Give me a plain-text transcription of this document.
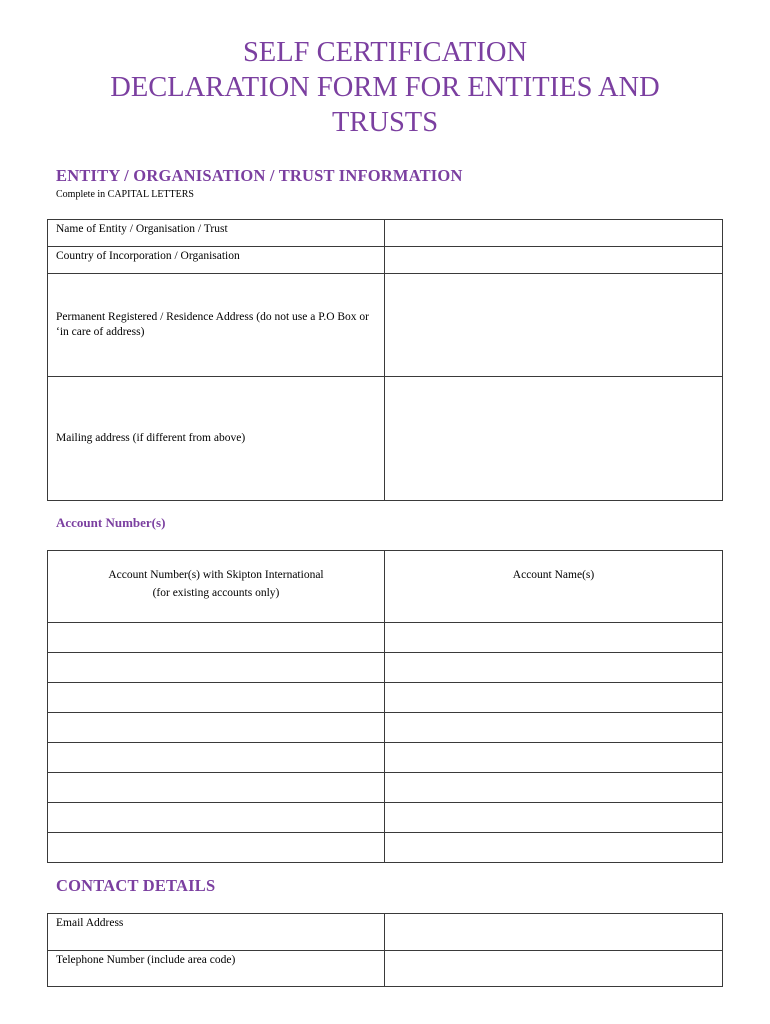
SELF CERTIFICATION
DECLARATION FORM FOR ENTITIES AND
TRUSTS
ENTITY / ORGANISATION / TRUST INFORMATION
Complete in CAPITAL LETTERS
Name of Entity / Organisation / Trust	
Country of Incorporation / Organisation	
Permanent Registered / Residence Address (do not use a P.O Box or ‘in care of address)	
Mailing address (if different from above)	
Account Number(s)
Account Number(s) with Skipton International
(for existing accounts only)	Account Name(s)

CONTACT DETAILS
Email Address	
Telephone Number (include area code)	
